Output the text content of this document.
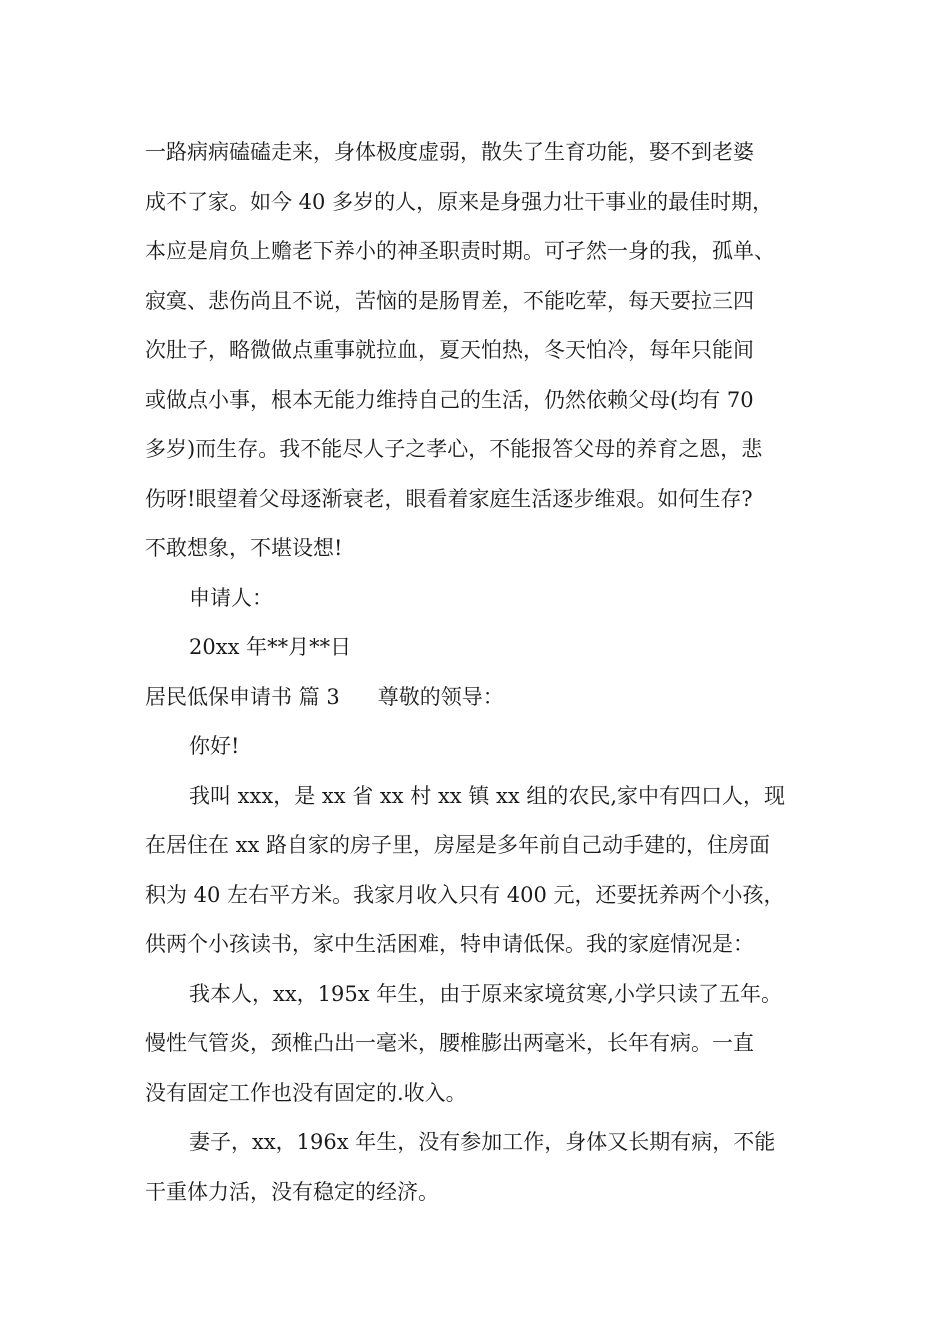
一路病病磕磕走来，身体极度虚弱，散失了生育功能，娶不到老婆
成不了家。如今 40 多岁的人，原来是身强力壮干事业的最佳时期，
本应是肩负上赡老下养小的神圣职责时期。可孑然一身的我，孤单、
寂寞、悲伤尚且不说，苦恼的是肠胃差，不能吃荤，每天要拉三四
次肚子，略微做点重事就拉血，夏天怕热，冬天怕冷，每年只能间
或做点小事，根本无能力维持自己的生活，仍然依赖父母(均有 70
多岁)而生存。我不能尽人子之孝心，不能报答父母的养育之恩，悲
伤呀!眼望着父母逐渐衰老，眼看着家庭生活逐步维艰。如何生存?
不敢想象，不堪设想!
申请人：
20xx 年**月**日
居民低保申请书 篇 3 尊敬的领导：
你好!
我叫 xxx，是 xx 省 xx 村 xx 镇 xx 组的农民,家中有四口人，现
在居住在 xx 路自家的房子里，房屋是多年前自己动手建的，住房面
积为 40 左右平方米。我家月收入只有 400 元，还要抚养两个小孩，
供两个小孩读书，家中生活困难，特申请低保。我的家庭情况是：
我本人，xx，195x 年生，由于原来家境贫寒,小学只读了五年。
慢性气管炎，颈椎凸出一毫米，腰椎膨出两毫米，长年有病。一直
没有固定工作也没有固定的.收入。
妻子，xx，196x 年生，没有参加工作，身体又长期有病，不能
干重体力活，没有稳定的经济。
